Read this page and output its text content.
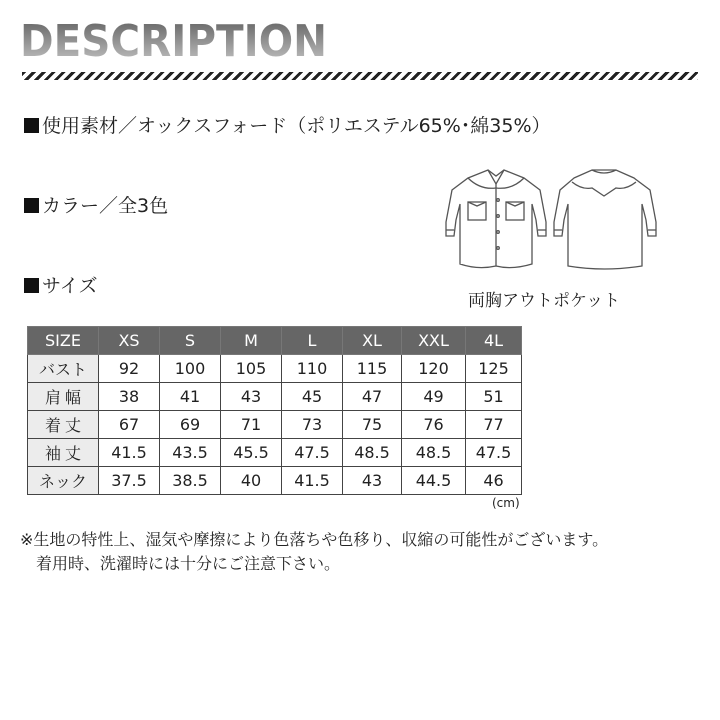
DESCRIPTION
使用素材／オックスフォード（ポリエステル65%･綿35%）
カラー／全3色
サイズ
両胸アウトポケット
SIZE	XS	S	M	L	XL	XXL	4L
バスト	92	100	105	110	115	120	125
肩幅	38	41	43	45	47	49	51
着丈	67	69	71	73	75	76	77
袖丈	41.5	43.5	45.5	47.5	48.5	48.5	47.5
ネック	37.5	38.5	40	41.5	43	44.5	46
(cm)
※生地の特性上、湿気や摩擦により色落ちや色移り、収縮の可能性がございます。
着用時、洗濯時には十分にご注意下さい。
